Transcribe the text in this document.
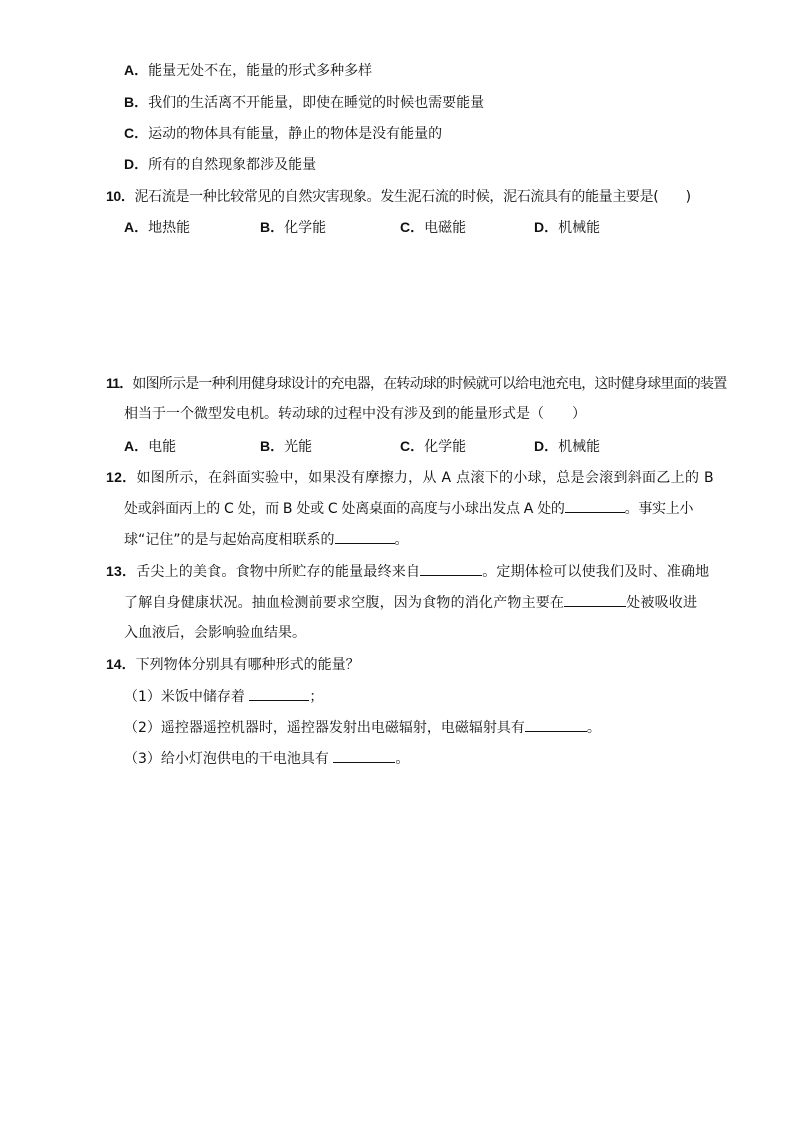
A．能量无处不在，能量的形式多种多样
B．我们的生活离不开能量，即使在睡觉的时候也需要能量
C．运动的物体具有能量，静止的物体是没有能量的
D．所有的自然现象都涉及能量
10．泥石流是一种比较常见的自然灾害现象。发生泥石流的时候，泥石流具有的能量主要是(　　)
A．地热能	B．化学能	C．电磁能	D．机械能
11．如图所示是一种利用健身球设计的充电器，在转动球的时候就可以给电池充电，这时健身球里面的装置
相当于一个微型发电机。转动球的过程中没有涉及到的能量形式是（　　）
A．电能	B．光能	C．化学能	D．机械能
12．如图所示，在斜面实验中，如果没有摩擦力，从 A 点滚下的小球，总是会滚到斜面乙上的 B
处或斜面丙上的 C 处，而 B 处或 C 处离桌面的高度与小球出发点 A 处的	。事实上小
球“记住”的是与起始高度相联系的	。
13．舌尖上的美食。食物中所贮存的能量最终来自	。定期体检可以使我们及时、准确地
了解自身健康状况。抽血检测前要求空腹，因为食物的消化产物主要在	处被吸收进
入血液后，会影响验血结果。
14．下列物体分别具有哪种形式的能量？
（1）米饭中储存着	；
（2）遥控器遥控机器时，遥控器发射出电磁辐射，电磁辐射具有	。
（3）给小灯泡供电的干电池具有	。
